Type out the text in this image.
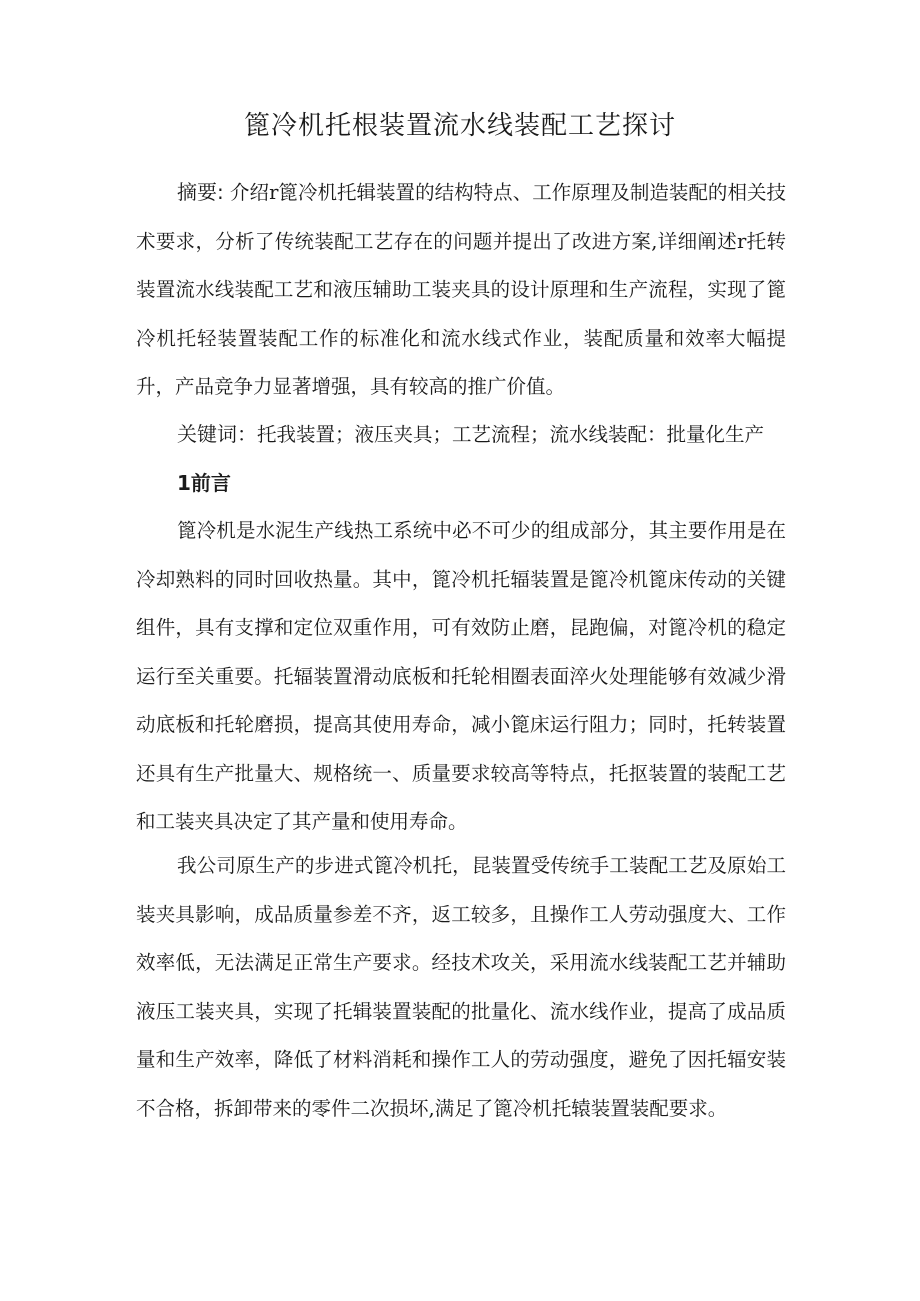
篦冷机托根装置流水线装配工艺探讨
摘要: 介绍r篦冷机托辑装置的结构特点、工作原理及制造装配的相关技术要求，分析了传统装配工艺存在的问题并提出了改进方案,详细阐述r托转装置流水线装配工艺和液压辅助工装夹具的设计原理和生产流程，实现了篦冷机托轻装置装配工作的标准化和流水线式作业，装配质量和效率大幅提升，产品竞争力显著增强，具有较高的推广价值。
关键词：托我装置；液压夹具；工艺流程；流水线装配：批量化生产
1前言
篦冷机是水泥生产线热工系统中必不可少的组成部分，其主要作用是在冷却熟料的同时回收热量。其中，篦冷机托辐装置是篦冷机篦床传动的关键组件，具有支撑和定位双重作用，可有效防止磨，昆跑偏，对篦冷机的稳定运行至关重要。托辐装置滑动底板和托轮相圈表面淬火处理能够有效减少滑动底板和托轮磨损，提高其使用寿命，减小篦床运行阻力；同时，托转装置还具有生产批量大、规格统一、质量要求较高等特点，托抠装置的装配工艺和工装夹具决定了其产量和使用寿命。
我公司原生产的步进式篦冷机托，昆装置受传统手工装配工艺及原始工装夹具影响，成品质量参差不齐，返工较多，且操作工人劳动强度大、工作效率低，无法满足正常生产要求。经技术攻关，采用流水线装配工艺并辅助液压工装夹具，实现了托辑装置装配的批量化、流水线作业，提高了成品质量和生产效率，降低了材料消耗和操作工人的劳动强度，避免了因托辐安装不合格，拆卸带来的零件二次损坏,满足了篦冷机托辕装置装配要求。
